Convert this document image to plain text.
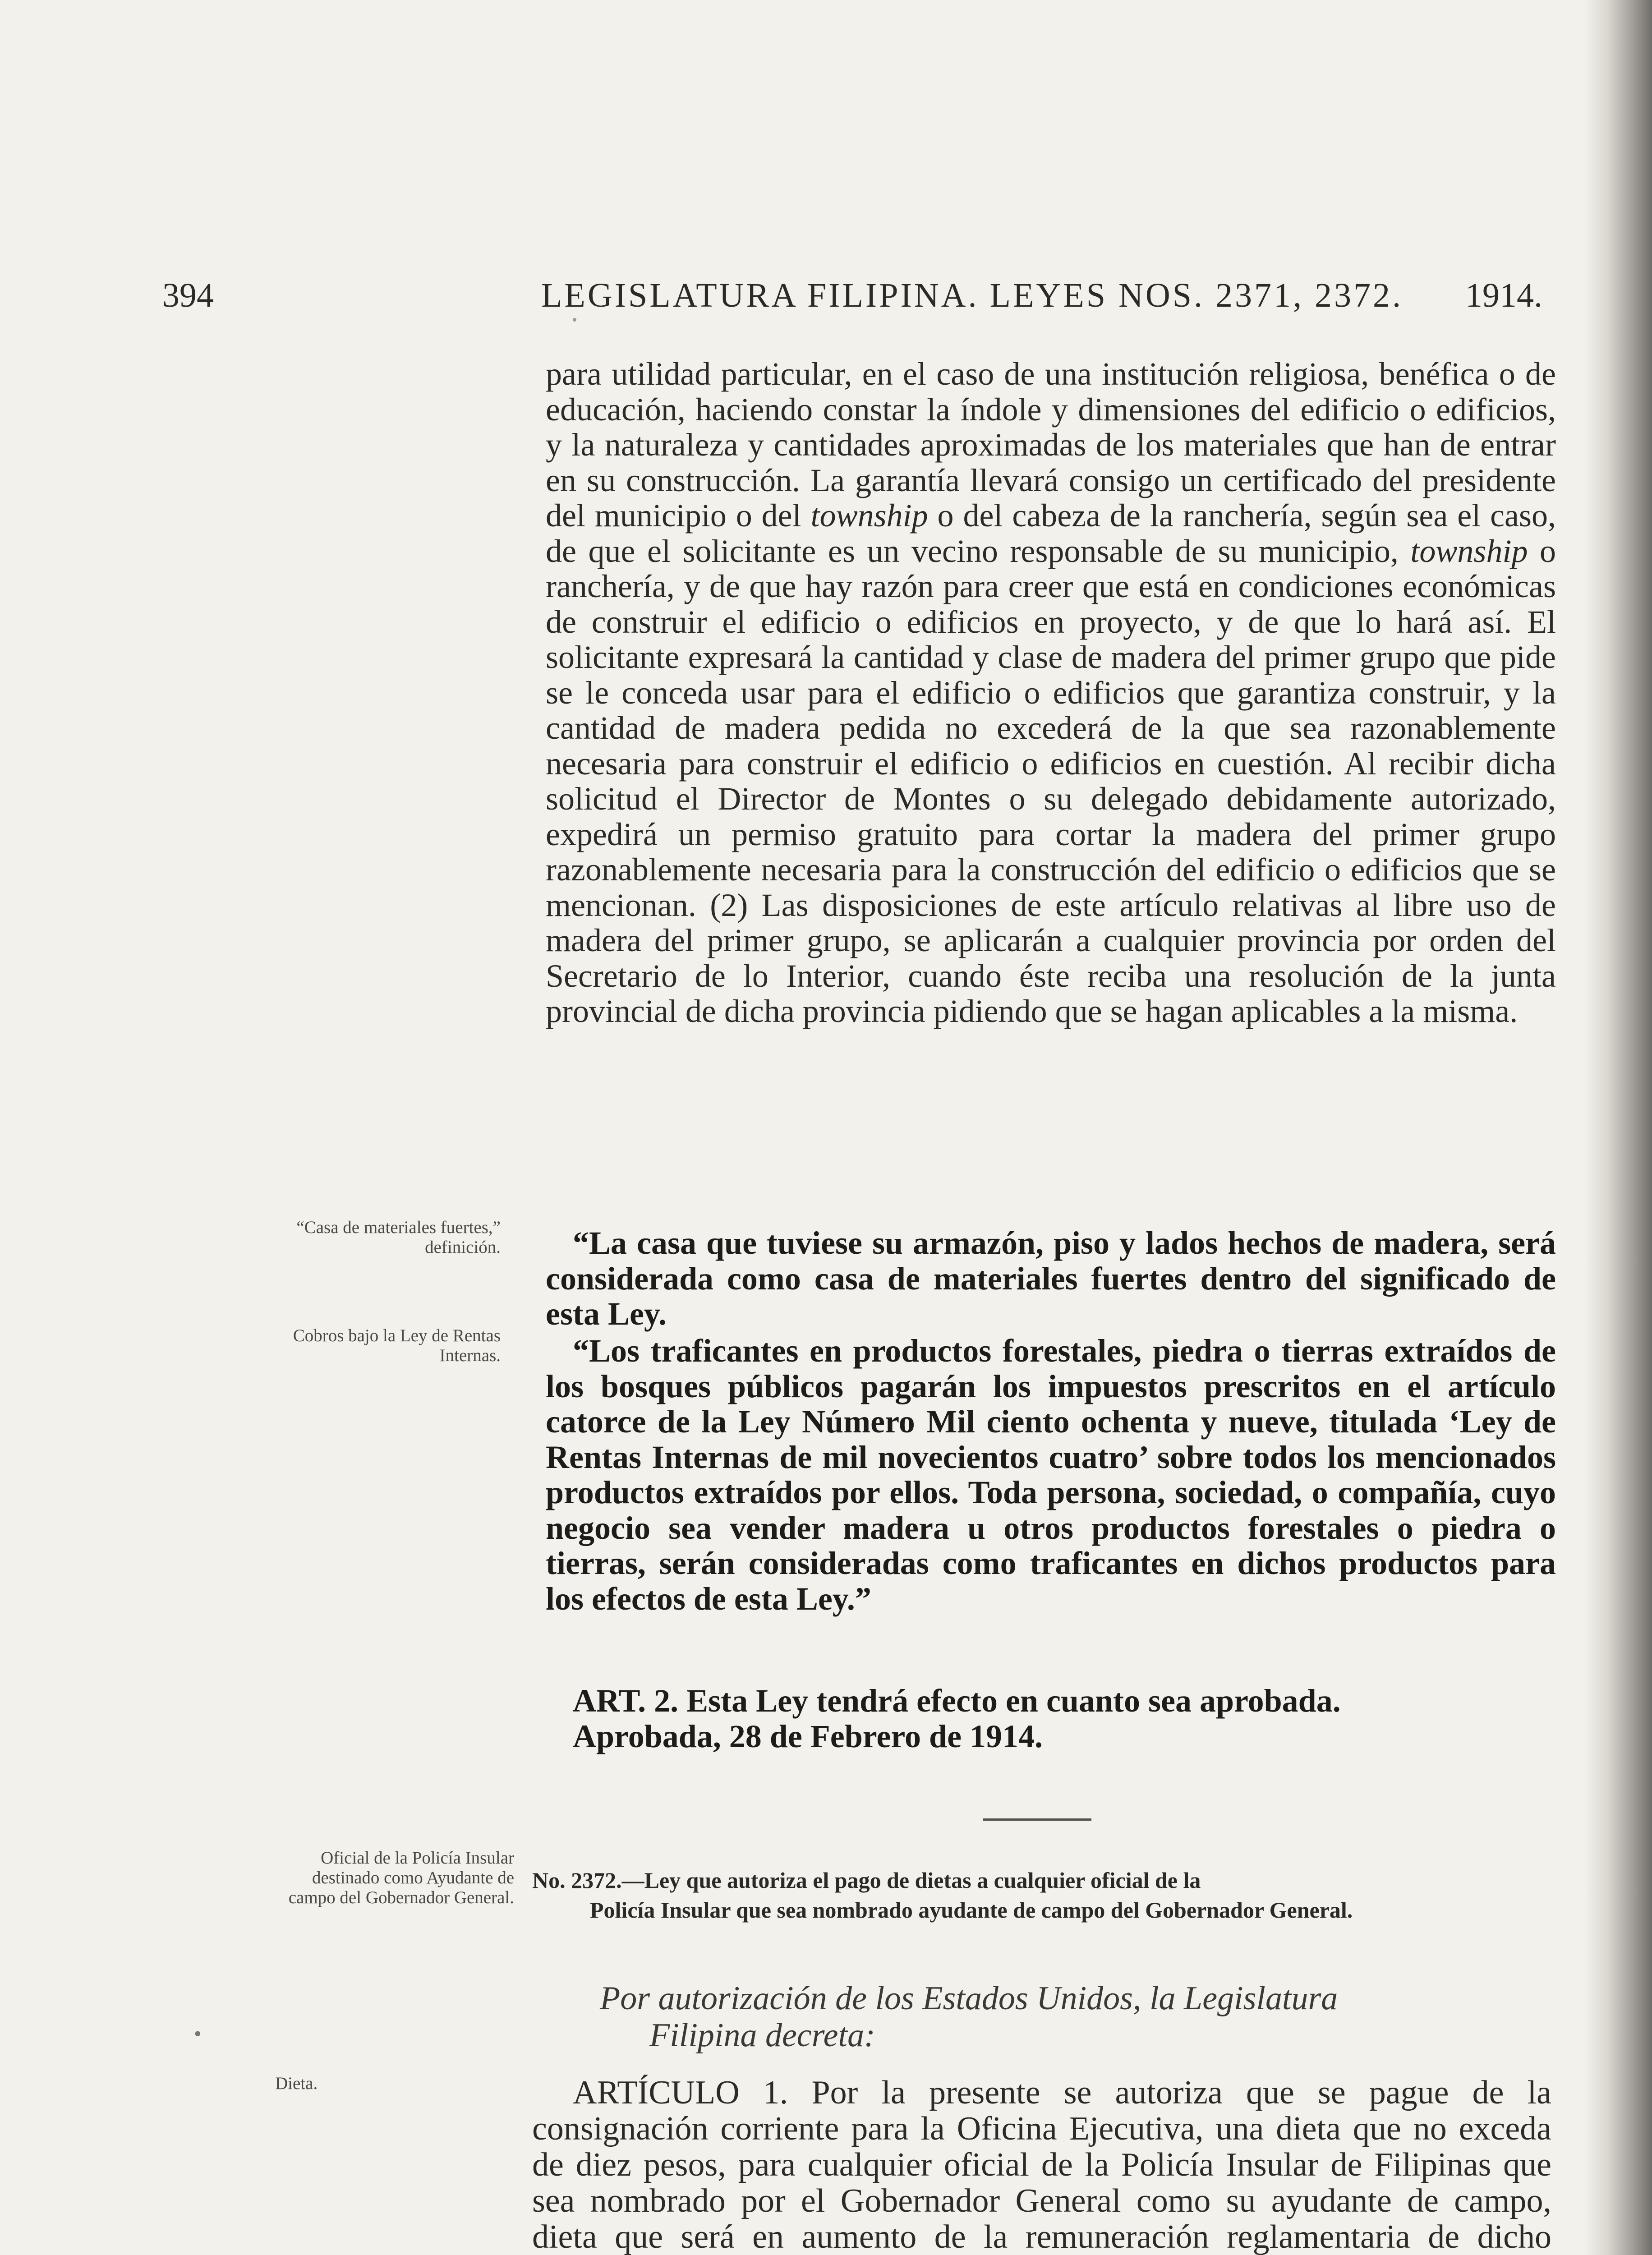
394	LEGISLATURA FILIPINA. LEYES NOS. 2371, 2372. 1914.

para utilidad particular, en el caso de una institución religiosa, benéfica o de educación, haciendo constar la índole y dimensiones del edificio o edificios, y la naturaleza y cantidades aproximadas de los materiales que han de entrar en su construcción. La garantía llevará consigo un certificado del presidente del municipio o del township o del cabeza de la ranchería, según sea el caso, de que el solicitante es un vecino responsable de su municipio, township o ranchería, y de que hay razón para creer que está en condiciones económicas de construir el edificio o edificios en proyecto, y de que lo hará así. El solicitante expresará la cantidad y clase de madera del primer grupo que pide se le conceda usar para el edificio o edificios que garantiza construir, y la cantidad de madera pedida no excederá de la que sea razonablemente necesaria para construir el edificio o edificios en cuestión. Al recibir dicha solicitud el Director de Montes o su delegado debidamente autorizado, expedirá un permiso gratuito para cortar la madera del primer grupo razonablemente necesaria para la construcción del edificio o edificios que se mencionan. (2) Las disposiciones de este artículo relativas al libre uso de madera del primer grupo, se aplicarán a cualquier provincia por orden del Secretario de lo Interior, cuando éste reciba una resolución de la junta provincial de dicha provincia pidiendo que se hagan aplicables a la misma.

“Casa de materiales fuertes,” definición.	“La casa que tuviese su armazón, piso y lados hechos de madera, será considerada como casa de materiales fuertes dentro del significado de esta Ley.

Cobros bajo la Ley de Rentas Internas.	“Los traficantes en productos forestales, piedra o tierras extraídos de los bosques públicos pagarán los impuestos prescritos en el artículo catorce de la Ley Número Mil ciento ochenta y nueve, titulada ‘Ley de Rentas Internas de mil novecientos cuatro’ sobre todos los mencionados productos extraídos por ellos. Toda persona, sociedad, o compañía, cuyo negocio sea vender madera u otros productos forestales o piedra o tierras, serán consideradas como traficantes en dichos productos para los efectos de esta Ley.”

ART. 2. Esta Ley tendrá efecto en cuanto sea aprobada.

Aprobada, 28 de Febrero de 1914.

Oficial de la Policía Insular destinado como Ayudante de campo del Gobernador General.

No. 2372.—Ley que autoriza el pago de dietas a cualquier oficial de la
Policía Insular que sea nombrado ayudante de campo del Gobernador General.

Por autorización de los Estados Unidos, la Legislatura
Filipina decreta:

•
Dieta.	ARTÍCULO 1. Por la presente se autoriza que se pague de la consignación corriente para la Oficina Ejecutiva, una dieta que no exceda de diez pesos, para cualquier oficial de la Policía Insular de Filipinas que sea nombrado por el Gobernador General como su ayudante de campo, dieta que será en aumento de la remuneración reglamentaria de dicho
